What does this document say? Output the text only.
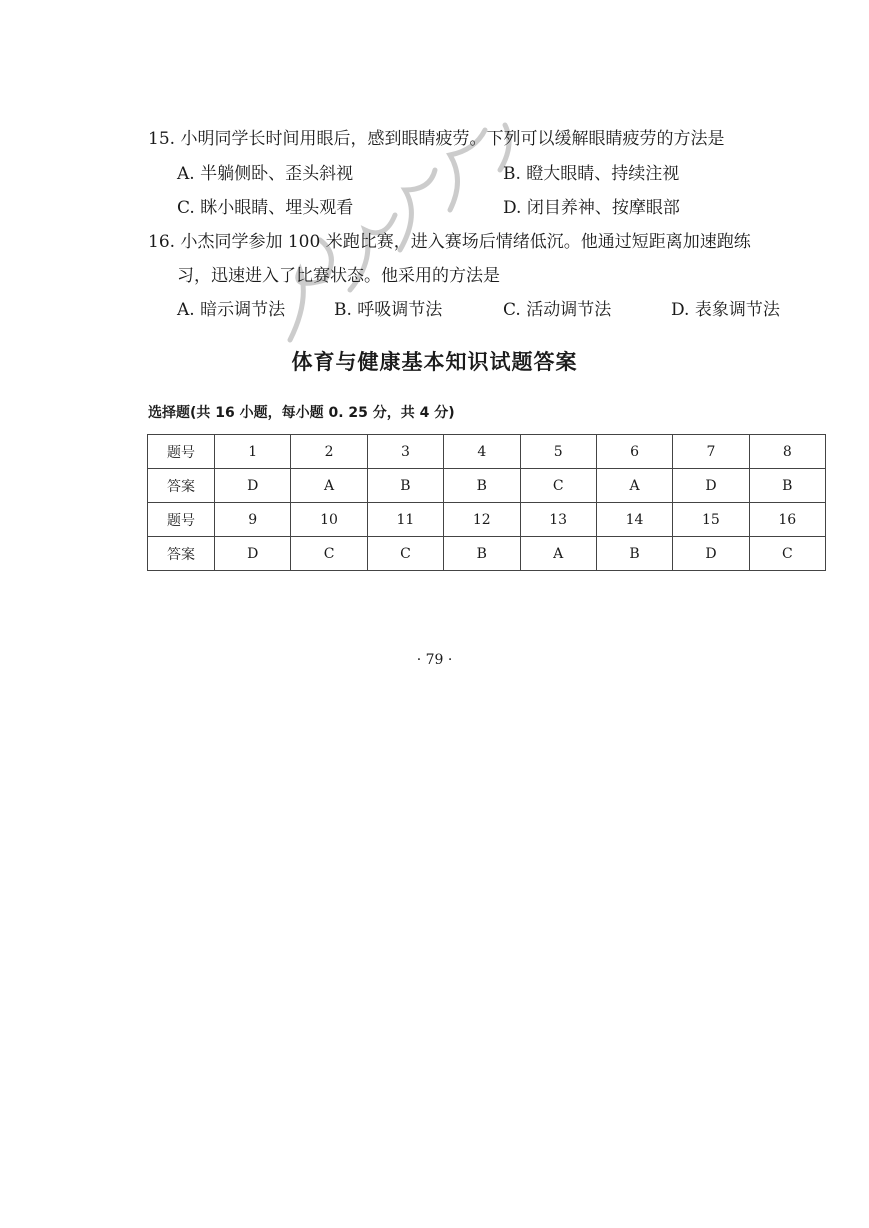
15. 小明同学长时间用眼后，感到眼睛疲劳。下列可以缓解眼睛疲劳的方法是
A. 半躺侧卧、歪头斜视	B. 瞪大眼睛、持续注视
C. 眯小眼睛、埋头观看	D. 闭目养神、按摩眼部
16. 小杰同学参加 100 米跑比赛，进入赛场后情绪低沉。他通过短距离加速跑练
习，迅速进入了比赛状态。他采用的方法是
A. 暗示调节法	B. 呼吸调节法	C. 活动调节法	D. 表象调节法
体育与健康基本知识试题答案
选择题(共 16 小题，每小题 0. 25 分，共 4 分)
题号	1	2	3	4	5	6	7	8
答案	D	A	B	B	C	A	D	B
题号	9	10	11	12	13	14	15	16
答案	D	C	C	B	A	B	D	C
· 79 ·
